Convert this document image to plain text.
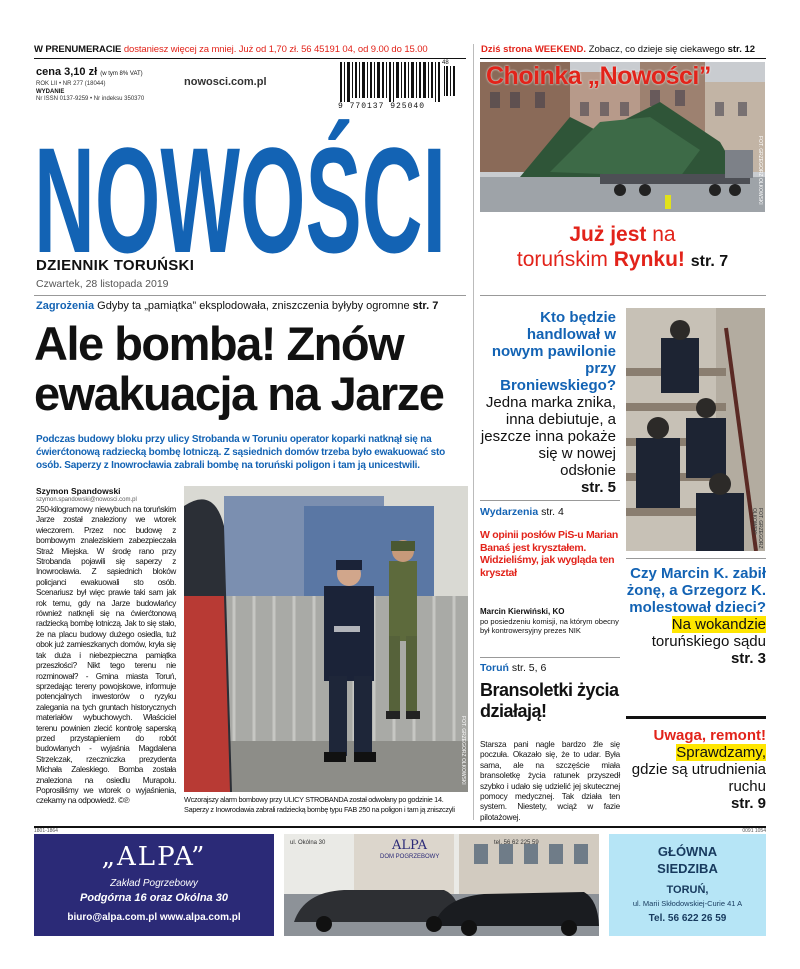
W PRENUMERACIE dostaniesz więcej za mniej. Już od 1,70 zł. 56 45191 04, od 9.00 do 15.00	Dziś strona WEEKEND. Zobacz, co dzieje się ciekawego str. 12
cena 3,10 zł (w tym 8% VAT)
ROK LII • NR 277 (18044)
WYDANIE
Nr ISSN 0137-9259 • Nr indeksu 350370
nowosci.com.pl
9 770137 925040
48
NOWOŚCI
DZIENNIK TORUŃSKI
Czwartek, 28 listopada 2019
FOT. GRZEGORZ OLKOWSKI
Choinka „Nowości”
Już jest na
toruńskim Rynku! str. 7
Zagrożenia Gdyby ta „pamiątka” eksplodowała, zniszczenia byłyby ogromne str. 7
Ale bomba! Znów ewakuacja na Jarze
Podczas budowy bloku przy ulicy Strobanda w Toruniu operator koparki natknął się na ćwierćtonową radziecką bombę lotniczą. Z sąsiednich domów trzeba było ewakuować sto osób. Saperzy z Inowrocławia zabrali bombę na toruński poligon i tam ją unicestwili.
Szymon Spandowski
szymon.spandowski@nowosci.com.pl
250-kilogramowy niewybuch na toruńskim Jarze został znaleziony we wtorek wieczorem. Przez noc budowę z bombowym znaleziskiem zabezpieczała Straż Miejska. W środę rano przy Strobanda pojawili się saperzy z Inowrocławia. Z sąsiednich bloków policjanci ewakuowali sto osób. Scenariusz był więc prawie taki sam jak rok temu, gdy na Jarze budowlańcy również natknęli się na ćwierćtonową radziecką bombę lotniczą. Jak to się stało, że na placu budowy dużego osiedla, tuż obok już zamieszkanych domów, kryła się tak duża i niebezpieczna pamiątka przeszłości? Nikt tego terenu nie rozminował? - Gmina miasta Toruń, sprzedając tereny powojskowe, informuje potencjalnych inwestorów o ryzyku zalegania na tych gruntach historycznych materiałów wybuchowych. Właściciel terenu powinien zlecić kontrolę saperską przed przystąpieniem do robót budowlanych - wyjaśnia Magdalena Strzelczak, rzeczniczka prezydenta Michała Zaleskiego. Bomba została znaleziona na osiedlu Murapolu. Poprosiliśmy we wtorek o wyjaśnienia, czekamy na odpowiedź. ©℗
FOT. GRZEGORZ OLKOWSKI
Wczorajszy alarm bombowy przy ULICY STROBANDA został odwołany po godzinie 14. Saperzy z Inowrocławia zabrali radziecką bombę typu FAB 250 na poligon i tam ją zniszczyli
Kto będzie handlował w nowym pawilonie przy Broniewskiego?
Jedna marka znika, inna debiutuje, a jeszcze inna pokaże się w nowej odsłonie
str. 5
FOT. GRZEGORZ OLKOWSKI
Wydarzenia str. 4
W opinii posłów PiS-u Marian Banaś jest kryształem. Widzieliśmy, jak wygląda ten kryształ
Marcin Kierwiński, KO
po posiedzeniu komisji, na którym obecny był kontrowersyjny prezes NIK
Toruń str. 5, 6
Bransoletki życia działają!
Starsza pani nagle bardzo źle się poczuła. Okazało się, że to udar. Była sama, ale na szczęście miała bransoletkę życia ratunek przyszedł szybko i udało się udzielić jej skutecznej pomocy medycznej. Tak działa ten system. Niestety, wciąż w fazie pilotażowej.
Czy Marcin K. zabił żonę, a Grzegorz K. molestował dzieci?
Na wokandzie
toruńskiego sądu
str. 3
Uwaga, remont!
Sprawdzamy,
gdzie są utrudnienia ruchu
str. 9
1801-1864	0091 1054
„ALPA”
Zakład Pogrzebowy
Podgórna 16 oraz Okólna 30
biuro@alpa.com.pl www.alpa.com.pl
ALPA
DOM POGRZEBOWY
ul. Okólna 30	tel. 56 62 225 59
GŁÓWNA
SIEDZIBA
TORUŃ,
ul. Marii Skłodowskiej-Curie 41 A
Tel. 56 622 26 59
